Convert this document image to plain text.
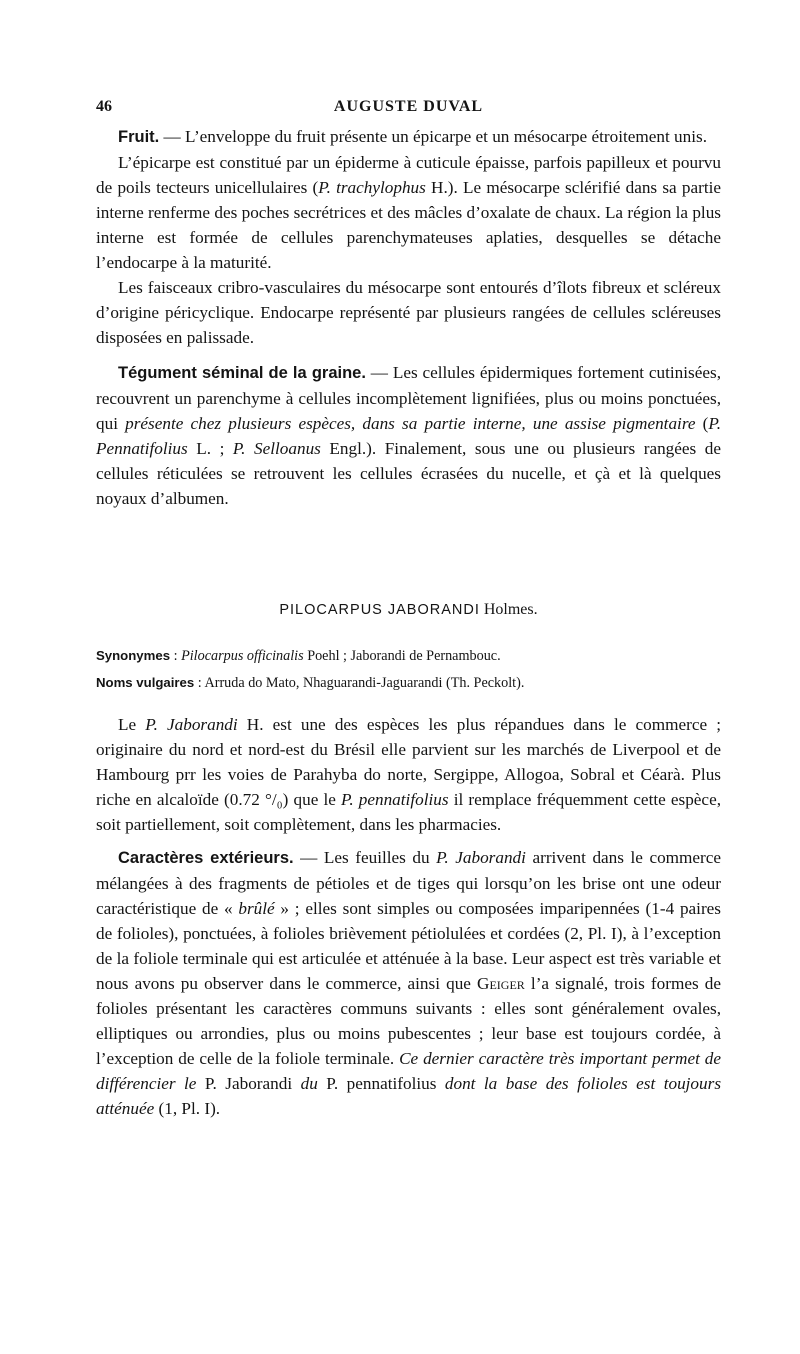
46	AUGUSTE DUVAL

Fruit. — L’enveloppe du fruit présente un épicarpe et un mésocarpe étroitement unis.

L’épicarpe est constitué par un épiderme à cuticule épaisse, parfois papilleux et pourvu de poils tecteurs unicellulaires (P. trachylophus H.). Le mésocarpe sclérifié dans sa partie interne renferme des poches secrétrices et des mâcles d’oxalate de chaux. La région la plus interne est formée de cellules parenchymateuses aplaties, desquelles se détache l’endocarpe à la maturité.

Les faisceaux cribro-vasculaires du mésocarpe sont entourés d’îlots fibreux et scléreux d’origine péricyclique. Endocarpe représenté par plusieurs rangées de cellules scléreuses disposées en palissade.

Tégument séminal de la graine. — Les cellules épidermiques fortement cutinisées, recouvrent un parenchyme à cellules incomplètement lignifiées, plus ou moins ponctuées, qui présente chez plusieurs espèces, dans sa partie interne, une assise pigmentaire (P. Pennatifolius L. ; P. Selloanus Engl.). Finalement, sous une ou plusieurs rangées de cellules réticulées se retrouvent les cellules écrasées du nucelle, et çà et là quelques noyaux d’albumen.

PILOCARPUS JABORANDI Holmes.
Synonymes : Pilocarpus officinalis Poehl ; Jaborandi de Pernambouc.
Noms vulgaires : Arruda do Mato, Nhaguarandi-Jaguarandi (Th. Peckolt).

Le P. Jaborandi H. est une des espèces les plus répandues dans le commerce ; originaire du nord et nord-est du Brésil elle parvient sur les marchés de Liverpool et de Hambourg prr les voies de Parahyba do norte, Sergippe, Allogoa, Sobral et Céarà. Plus riche en alcaloïde (0.72 °/₀) que le P. pennatifolius il remplace fréquemment cette espèce, soit partiellement, soit complètement, dans les pharmacies.

Caractères extérieurs. — Les feuilles du P. Jaborandi arrivent dans le commerce mélangées à des fragments de pétioles et de tiges qui lorsqu’on les brise ont une odeur caractéristique de « brûlé » ; elles sont simples ou composées imparipennées (1-4 paires de folioles), ponctuées, à folioles brièvement pétiolulées et cordées (2, Pl. I), à l’exception de la foliole terminale qui est articulée et atténuée à la base. Leur aspect est très variable et nous avons pu observer dans le commerce, ainsi que Geiger l’a signalé, trois formes de folioles présentant les caractères communs suivants : elles sont généralement ovales, elliptiques ou arrondies, plus ou moins pubescentes ; leur base est toujours cordée, à l’exception de celle de la foliole terminale. Ce dernier caractère très important permet de différencier le P. Jaborandi du P. pennatifolius dont la base des folioles est toujours atténuée (1, Pl. I).
